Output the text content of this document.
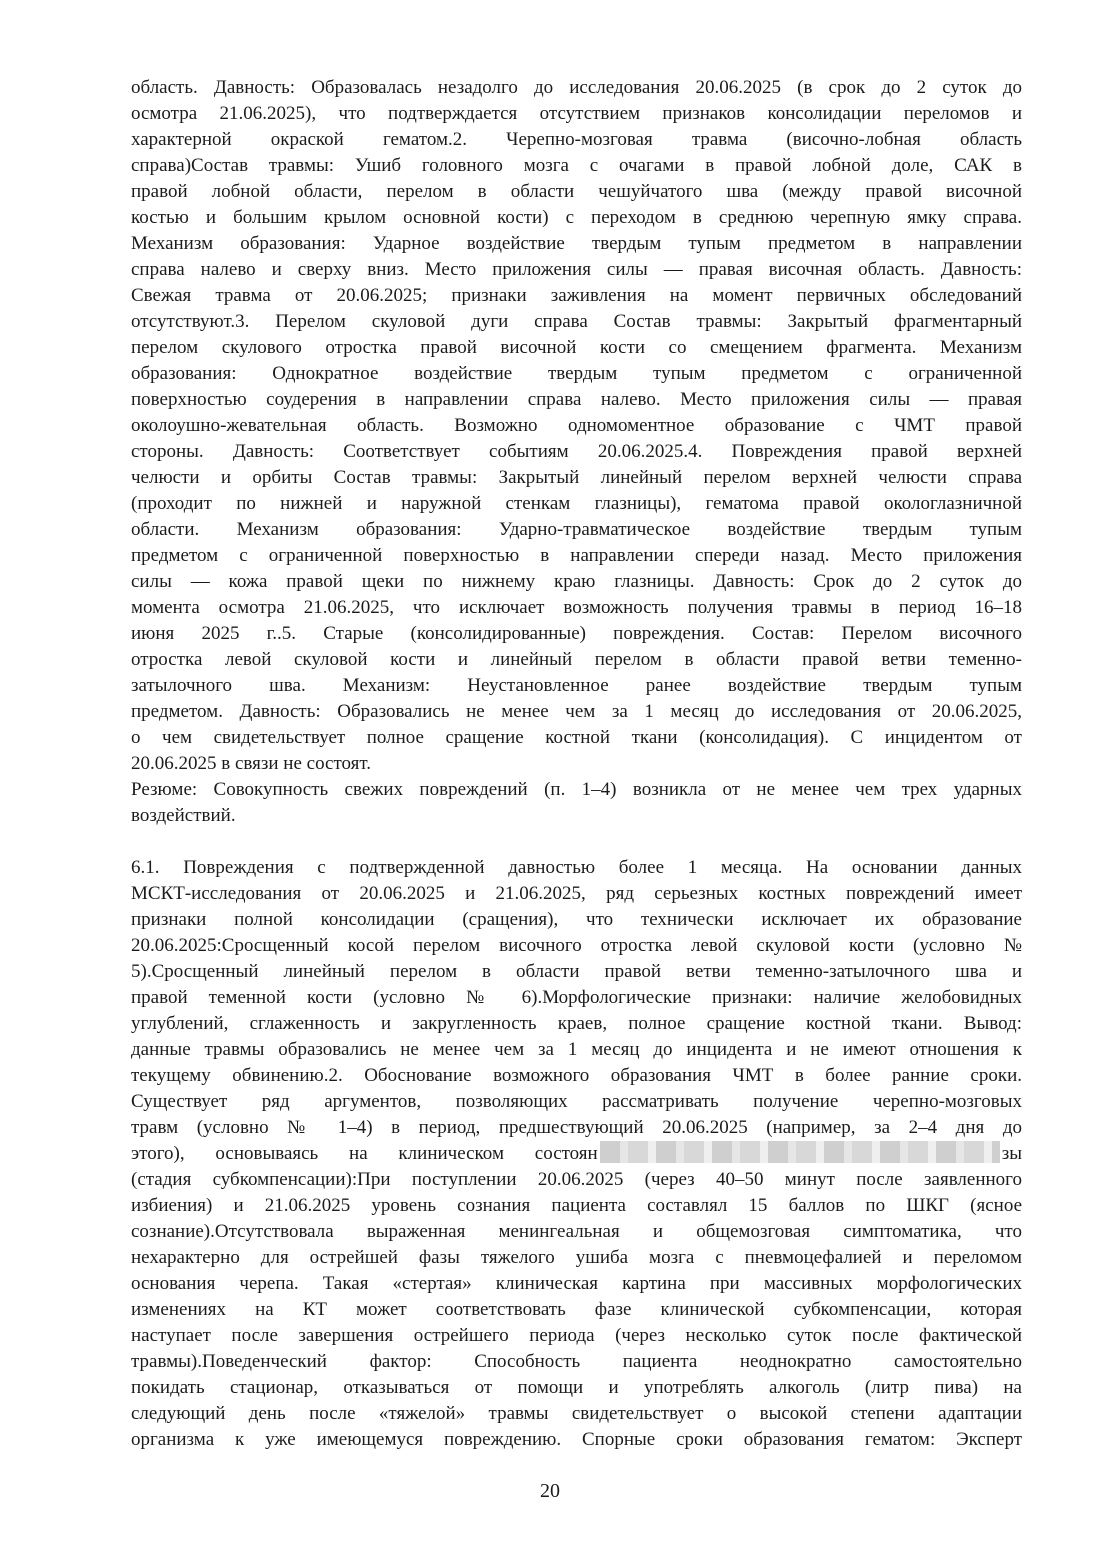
область. Давность: Образовалась незадолго до исследования 20.06.2025 (в срок до 2 суток до
осмотра 21.06.2025), что подтверждается отсутствием признаков консолидации переломов и
характерной окраской гематом.2. Черепно-мозговая травма (височно-лобная область
справа)Состав травмы: Ушиб головного мозга с очагами в правой лобной доле, САК в
правой лобной области, перелом в области чешуйчатого шва (между правой височной
костью и большим крылом основной кости) с переходом в среднюю черепную ямку справа.
Механизм образования: Ударное воздействие твердым тупым предметом в направлении
справа налево и сверху вниз. Место приложения силы — правая височная область. Давность:
Свежая травма от 20.06.2025; признаки заживления на момент первичных обследований
отсутствуют.3. Перелом скуловой дуги справа Состав травмы: Закрытый фрагментарный
перелом скулового отростка правой височной кости со смещением фрагмента. Механизм
образования: Однократное воздействие твердым тупым предметом с ограниченной
поверхностью соудерения в направлении справа налево. Место приложения силы — правая
околоушно-жевательная область. Возможно одномоментное образование с ЧМТ правой
стороны. Давность: Соответствует событиям 20.06.2025.4. Повреждения правой верхней
челюсти и орбиты Состав травмы: Закрытый линейный перелом верхней челюсти справа
(проходит по нижней и наружной стенкам глазницы), гематома правой окологлазничной
области. Механизм образования: Ударно-травматическое воздействие твердым тупым
предметом с ограниченной поверхностью в направлении спереди назад. Место приложения
силы — кожа правой щеки по нижнему краю глазницы. Давность: Срок до 2 суток до
момента осмотра 21.06.2025, что исключает возможность получения травмы в период 16–18
июня 2025 г..5. Старые (консолидированные) повреждения. Состав: Перелом височного
отростка левой скуловой кости и линейный перелом в области правой ветви теменно-
затылочного шва. Механизм: Неустановленное ранее воздействие твердым тупым
предметом. Давность: Образовались не менее чем за 1 месяц до исследования от 20.06.2025,
о чем свидетельствует полное сращение костной ткани (консолидация). С инцидентом от
20.06.2025 в связи не состоят.
Резюме: Совокупность свежих повреждений (п. 1–4) возникла от не менее чем трех ударных
воздействий.
6.1. Повреждения с подтвержденной давностью более 1 месяца. На основании данных
МСКТ-исследования от 20.06.2025 и 21.06.2025, ряд серьезных костных повреждений имеет
признаки полной консолидации (сращения), что технически исключает их образование
20.06.2025:Сросщенный косой перелом височного отростка левой скуловой кости (условно №
5).Сросщенный линейный перелом в области правой ветви теменно-затылочного шва и
правой теменной кости (условно № 6).Морфологические признаки: наличие желобовидных
углублений, сглаженность и закругленность краев, полное сращение костной ткани. Вывод:
данные травмы образовались не менее чем за 1 месяц до инцидента и не имеют отношения к
текущему обвинению.2. Обоснование возможного образования ЧМТ в более ранние сроки.
Существует ряд аргументов, позволяющих рассматривать получение черепно-мозговых
травм (условно № 1–4) в период, предшествующий 20.06.2025 (например, за 2–4 дня до
этого), основываясь на клиническом состоян	зы
(стадия субкомпенсации):При поступлении 20.06.2025 (через 40–50 минут после заявленного
избиения) и 21.06.2025 уровень сознания пациента составлял 15 баллов по ШКГ (ясное
сознание).Отсутствовала выраженная менингеальная и общемозговая симптоматика, что
нехарактерно для острейшей фазы тяжелого ушиба мозга с пневмоцефалией и переломом
основания черепа. Такая «стертая» клиническая картина при массивных морфологических
изменениях на КТ может соответствовать фазе клинической субкомпенсации, которая
наступает после завершения острейшего периода (через несколько суток после фактической
травмы).Поведенческий фактор: Способность пациента неоднократно самостоятельно
покидать стационар, отказываться от помощи и употреблять алкоголь (литр пива) на
следующий день после «тяжелой» травмы свидетельствует о высокой степени адаптации
организма к уже имеющемуся повреждению. Спорные сроки образования гематом: Эксперт
20
